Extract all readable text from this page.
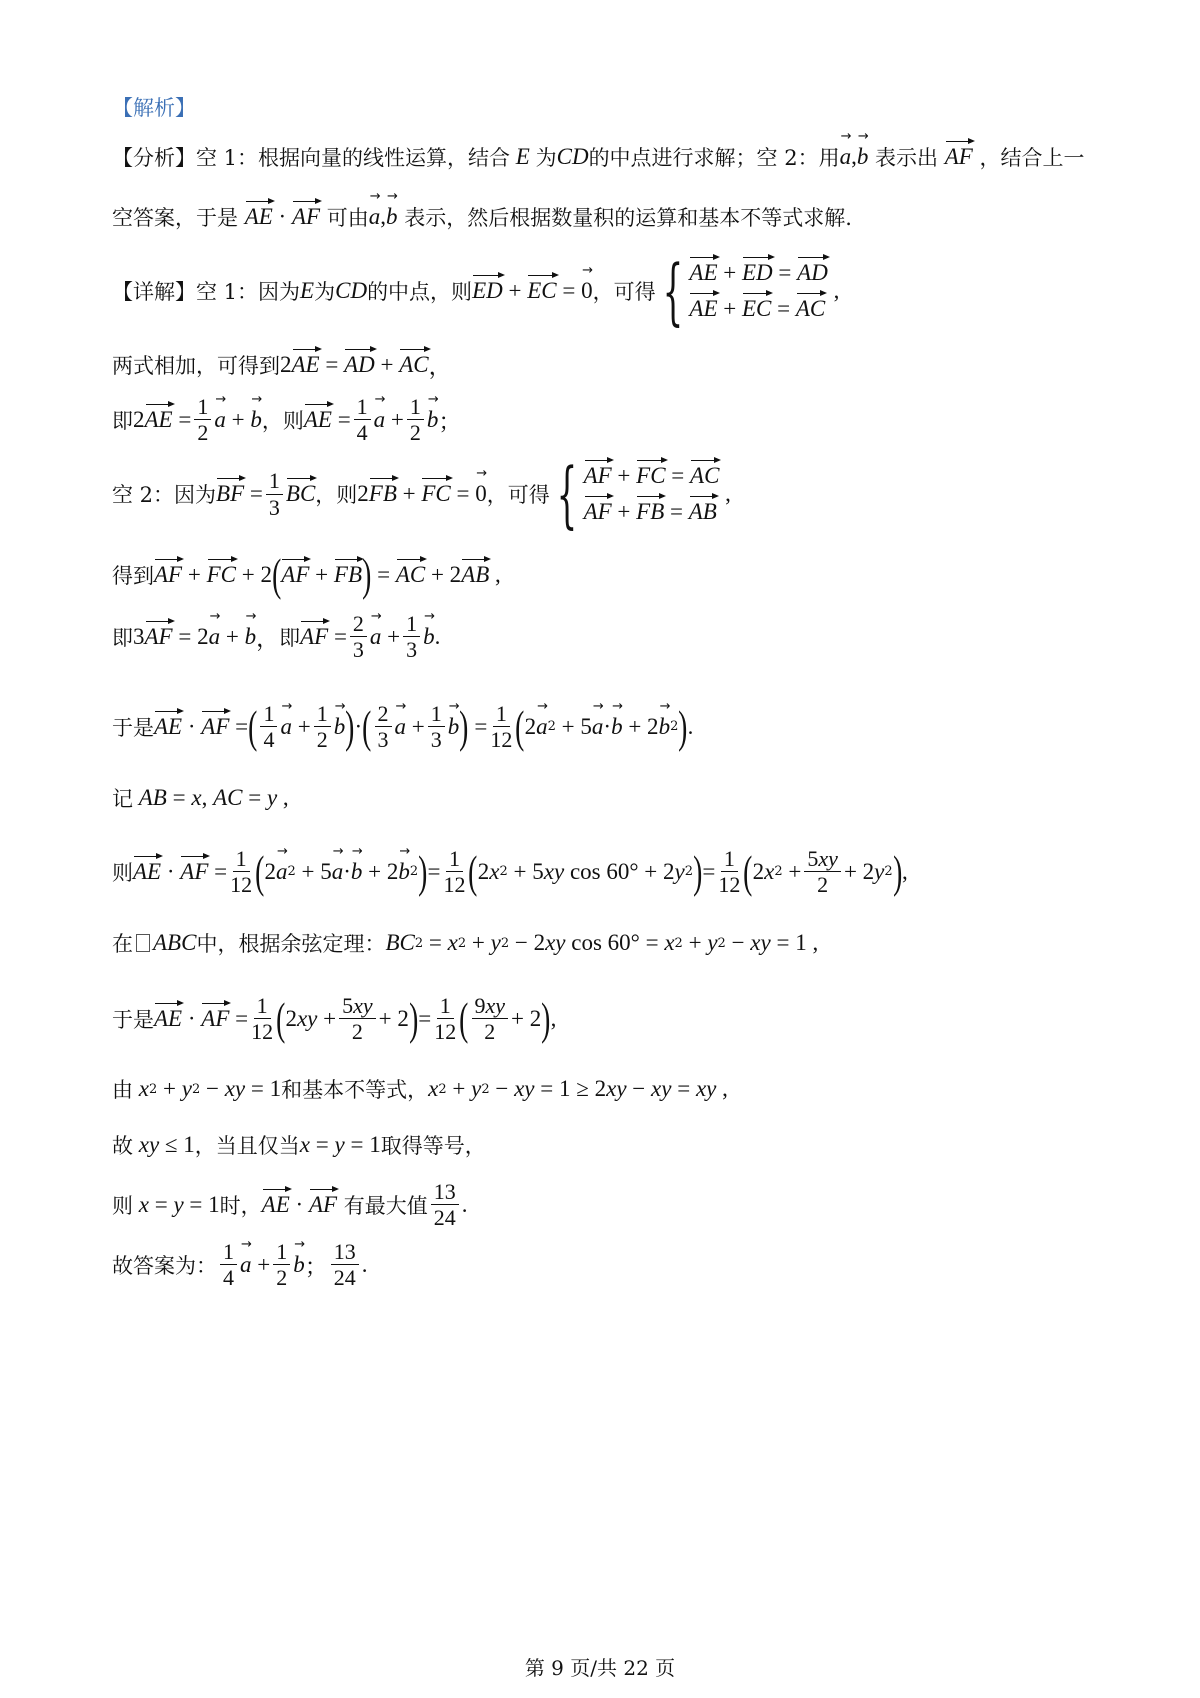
【解析】
【分析】 空 1：根据向量的线性运算，结合 E 为 CD 的中点进行求解；空 2：用
→ a ,
→ b
表示出
AF
，结合上一
空答案，于是
AE · AF
可由
→ a ,
→ b
表示，然后根据数量积的运算和基本不等式求解.
【详解】 空 1：因为 E 为 CD 的中点，则 ED + EC =
→ 0 ，可得 { AE + ED = AD
AE + EC = AC
,
两式相加，可得到 2 AE = AD + AC ，
即 2 AE = $\frac{1}{2}$
→ a +
→ b ，则 AE = $\frac{1}{4}$
→ $a + \frac{1}{2}$
→ b ；
空 2：因为 BF = $\frac{1}{3}$ BC ，则 2 FB + FC =
→ 0 ，可得 { AF + FC = AC
AF + FB = AB
,
得到 AF + FC + 2 ( AF + FB ) = AC + 2 AB ,
即 3 AF = 2
→ a +
→ b ， 即 AF = $\frac{2}{3}$
→ $a + \frac{1}{3}$
→ b .
于是 AE · AF = ( $\frac{1}{4}$
→ $a + \frac{1}{2}$
→ b ) · ( $\frac{2}{3}$
→ $a + \frac{1}{3}$
→ b ) = $\frac{1}{12}$ ( 2
→ a 2 + 5
→ a ·
→ b + 2
→ b 2 ) .
记 AB = x , AC = y ,
则 AE · AF = $\frac{1}{12}$ ( 2
→ a 2 + 5
→ a ·
→ b + 2
→ b 2 ) = $\frac{1}{12}$ ( 2 x 2 + 5 xy cos 60° + 2 y 2 ) = $\frac{1}{12}$ ( 2 x $2 + \frac{5xy}{2} + 2$ y 2 ) ,
在 ABC 中，根据余弦定理： BC 2 = x 2 + y 2 − 2 xy cos 60° = x 2 + y 2 − xy = 1 ,
于是 AE · AF = $\frac{1}{12}$ ( 2 xy + $\frac{5xy}{2} + 2$ ) = $\frac{1}{12}$ ( $\frac{9xy}{2} + 2$ ) ,
由 x 2 + y 2 − xy = 1 和基本不等式， x 2 + y 2 − xy = 1 ≥ 2 xy − xy = xy ,
故 xy ≤ 1 ，当且仅当 x = y = 1 取得等号，
则 x = y = 1 时， AE · AF
有最大值 $\frac{13}{24}$ .
故答案为： $\frac{1}{4}$
→ $a + \frac{1}{2}$
→ b ； $\frac{13}{24}$ .
第 9 页/共 22 页
